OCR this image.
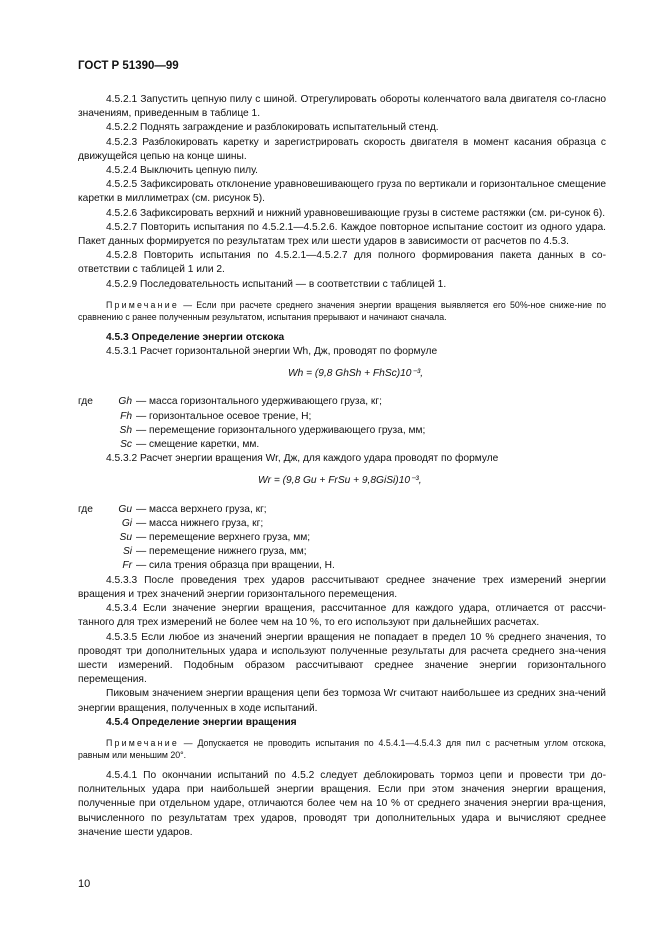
ГОСТ Р 51390—99

4.5.2.1 Запустить цепную пилу с шиной. Отрегулировать обороты коленчатого вала двигателя со-гласно значениям, приведенным в таблице 1.

4.5.2.2 Поднять заграждение и разблокировать испытательный стенд.

4.5.2.3 Разблокировать каретку и зарегистрировать скорость двигателя в момент касания образца с движущейся цепью на конце шины.

4.5.2.4 Выключить цепную пилу.

4.5.2.5 Зафиксировать отклонение уравновешивающего груза по вертикали и горизонтальное смещение каретки в миллиметрах (см. рисунок 5).

4.5.2.6 Зафиксировать верхний и нижний уравновешивающие грузы в системе растяжки (см. ри-сунок 6).

4.5.2.7 Повторить испытания по 4.5.2.1—4.5.2.6. Каждое повторное испытание состоит из одного удара. Пакет данных формируется по результатам трех или шести ударов в зависимости от расчетов по 4.5.3.

4.5.2.8 Повторить испытания по 4.5.2.1—4.5.2.7 для полного формирования пакета данных в со-ответствии с таблицей 1 или 2.

4.5.2.9 Последовательность испытаний — в соответствии с таблицей 1.

Примечание — Если при расчете среднего значения энергии вращения выявляется его 50%-ное сниже-ние по сравнению с ранее полученным результатом, испытания прерывают и начинают сначала.

4.5.3 Определение энергии отскока

4.5.3.1 Расчет горизонтальной энергии Wh, Дж, проводят по формуле

Wh = (9,8 GhSh + FhSc)10⁻³,

где	Gh — масса горизонтального удерживающего груза, кг;
Fh — горизонтальное осевое трение, Н;
Sh — перемещение горизонтального удерживающего груза, мм;
Sc — смещение каретки, мм.

4.5.3.2 Расчет энергии вращения Wr, Дж, для каждого удара проводят по формуле

Wr = (9,8 Gu + FrSu + 9,8GiSi)10⁻³,

где	Gu — масса верхнего груза, кг;
Gi — масса нижнего груза, кг;
Su — перемещение верхнего груза, мм;
Si — перемещение нижнего груза, мм;
Fr — сила трения образца при вращении, Н.

4.5.3.3 После проведения трех ударов рассчитывают среднее значение трех измерений энергии вращения и трех значений энергии горизонтального перемещения.

4.5.3.4 Если значение энергии вращения, рассчитанное для каждого удара, отличается от рассчи-танного для трех измерений не более чем на 10 %, то его используют при дальнейших расчетах.

4.5.3.5 Если любое из значений энергии вращения не попадает в предел 10 % среднего значения, то проводят три дополнительных удара и используют полученные результаты для расчета среднего зна-чения шести измерений. Подобным образом рассчитывают среднее значение энергии горизонтального перемещения.

Пиковым значением энергии вращения цепи без тормоза Wr считают наибольшее из средних зна-чений энергии вращения, полученных в ходе испытаний.

4.5.4 Определение энергии вращения

Примечание — Допускается не проводить испытания по 4.5.4.1—4.5.4.3 для пил с расчетным углом отскока, равным или меньшим 20°.

4.5.4.1 По окончании испытаний по 4.5.2 следует деблокировать тормоз цепи и провести три до-полнительных удара при наибольшей энергии вращения. Если при этом значения энергии вращения, полученные при отдельном ударе, отличаются более чем на 10 % от среднего значения энергии вра-щения, вычисленного по результатам трех ударов, проводят три дополнительных удара и вычисляют среднее значение шести ударов.

10
